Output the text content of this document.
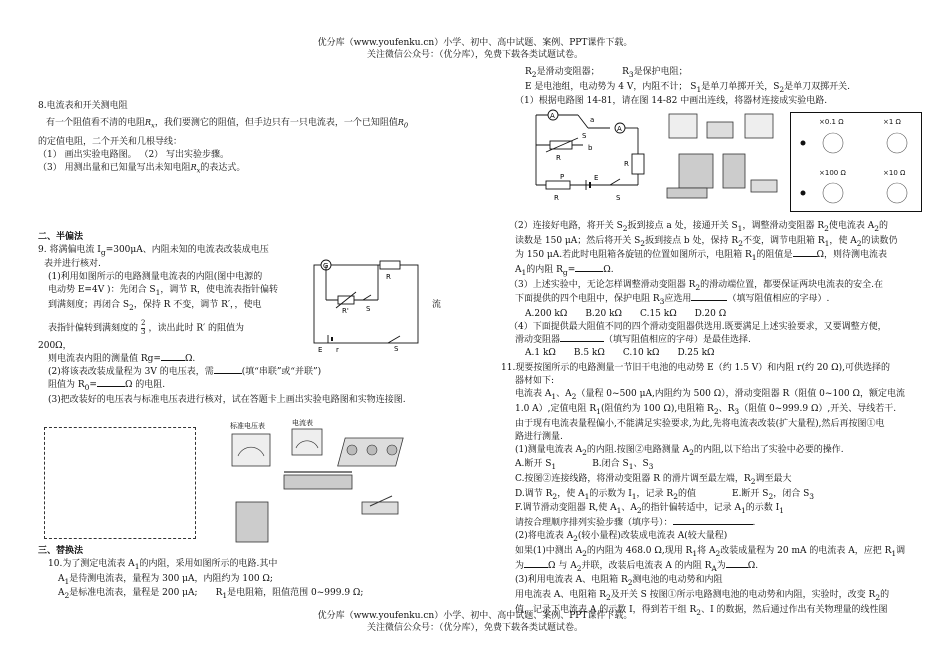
优分库（www.youfenku.cn）小学、初中、高中试题、案例、PPT课件下载。
关注微信公众号：（优分库），免费下载各类试题试卷。
8.电流表和开关测电阻
有一个阻值看不清的电阻$R_x$，我们要测它的阻值，但手边只有一只电流表，一个已知阻值$R_0$
的定值电阻，二个开关和几根导线：
（1） 画出实验电路图。 （2） 写出实验步骤。
（3） 用测出量和已知量写出未知电阻$R_x$的表达式。
二、半偏法
9. 将满偏电流 $I_g=300\mu A$、内阻未知的电流表改装成电压
表并进行核对.
(1)利用如图所示的电路测量电流表的内阻(图中电源的
电动势 E=4V )：先闭合 $S_1$，调节 R，使电流表指针偏转
到满刻度；再闭合 $S_2$，保持 R 不变，调节 R′，，使电	流
表指针偏转到满刻度的 $\frac{2}{3}$ ，读出此时 R′ 的阻值为
200Ω，
则电流表内阻的测量值 Rg=	Ω.
(2)将该表改装成量程为 3V 的电压表，需	(填“串联”或“并联”)
阻值为 $R_0=$	Ω 的电阻.
(3)把改装好的电压表与标准电压表进行核对，试在答题卡上画出实验电路图和实物连接图.
G
R
R' S
S
E r
标准电压表	电流表
三、替换法
10.为了测定电流表 $A_1$的内阻，采用如图所示的电路.其中
$A_1$是待测电流表，量程为 300 μA，内阻约为 100 Ω;
$A_2$是标准电流表，量程是 200 μA;　　 $R_1$是电阻箱，阻值范围 0~999.9 Ω;
$R_2$是滑动变阻器；　　　	$R_3$是保护电阻；
E 是电池组，电动势为 4 V，内阻不计； $S_1$是单刀单掷开关，$S_2$是单刀双掷开关.
（1）根据电路图 14-81，请在图 14-82 中画出连线，将器材连接成实验电路.
A
A
S
a
b
R
R
P
R
E
S
×0.1 Ω	×1 Ω
×100 Ω	×10 Ω
（2）连接好电路，将开关 $S_2$扳到接点 a 处，接通开关 $S_1$，调整滑动变阻器 $R_2$使电流表 $A_2$的
读数是 150 μA；然后将开关 $S_2$扳到接点 b 处，保持 $R_2$不变，调节电阻箱 $R_1$，使 $A_2$的读数仍
为 150 μA.若此时电阻箱各旋钮的位置如图所示，电阻箱 $R_1$的阻值是	Ω，则待测电流表
$A_1$的内阻 $R_g=$	Ω.
（3）上述实验中，无论怎样调整滑动变阻器 $R_2$的滑动端位置，都要保证两块电流表的安全.在
下面提供的四个电阻中，保护电阻 $R_3$应选用	（填写阻值相应的字母）.
A.200 kΩ　　B.20 kΩ　　C.15 kΩ　　D.20 Ω
（4）下面提供最大阻值不同的四个滑动变阻器供选用.既要满足上述实验要求，又要调整方便，
滑动变阻器	（填写阻值相应的字母）是最佳选择.
A.1 kΩ　　B.5 kΩ　　C.10 kΩ　　D.25 kΩ
11.现要按图所示的电路测量一节旧干电池的电动势 E（约 1.5 V）和内阻 r(约 20 Ω),可供选择的
器材如下:
电流表 $A_1$、$A_2$（量程 0~500 μA,内阻约为 500 Ω），滑动变阻器 R（阻值 0~100 Ω，额定电流
1.0 A）,定值电阻 $R_1$(阻值约为 100 Ω),电阻箱 $R_2$、$R_3$（阻值 0~999.9 Ω）,开关、导线若干.
由于现有电流表量程偏小,不能满足实验要求,为此,先将电流表改装(扩大量程),然后再按图①电
路进行测量.
(1)测量电流表 $A_2$的内阻.按图②电路测量 $A_2$的内阻,以下给出了实验中必要的操作.
A.断开 $S_1$　　　　	B.闭合 $S_1$、$S_3$
C.按图②连接线路，将滑动变阻器 R 的滑片调至最左端，$R_2$调至最大
D.调节 $R_2$，使 $A_1$的示数为 $I_1$，记录 $R_2$的值　　　　	E.断开 $S_2$，闭合 $S_3$
F.调节滑动变阻器 R,使 $A_1$、$A_2$的指针偏转适中，记录 $A_1$的示数 $I_1$
请按合理顺序排列实验步骤（填序号）：	.
(2)将电流表 $A_2$(较小量程)改装成电流表 A(较大量程)
如果(1)中测出 $A_2$的内阻为 468.0 Ω,现用 $R_1$将 $A_2$改装成量程为 20 mA 的电流表 A，应把 $R_1$调
为	Ω 与 $A_2$并联，改装后电流表 A 的内阻 $R_A$为 Ω.
(3)利用电流表 A、电阻箱 $R_2$测电池的电动势和内阻
用电流表 A、电阻箱 $R_2$及开关 S 按图①所示电路测电池的电动势和内阻，实验时，改变 $R_2$的
值，记录下电流表 A 的示数 I，得到若干组 $R_2$、I 的数据，然后通过作出有关物理量的线性图
优分库（www.youfenku.cn）小学、初中、高中试题、案例、PPT课件下载。
关注微信公众号：（优分库），免费下载各类试题试卷。
